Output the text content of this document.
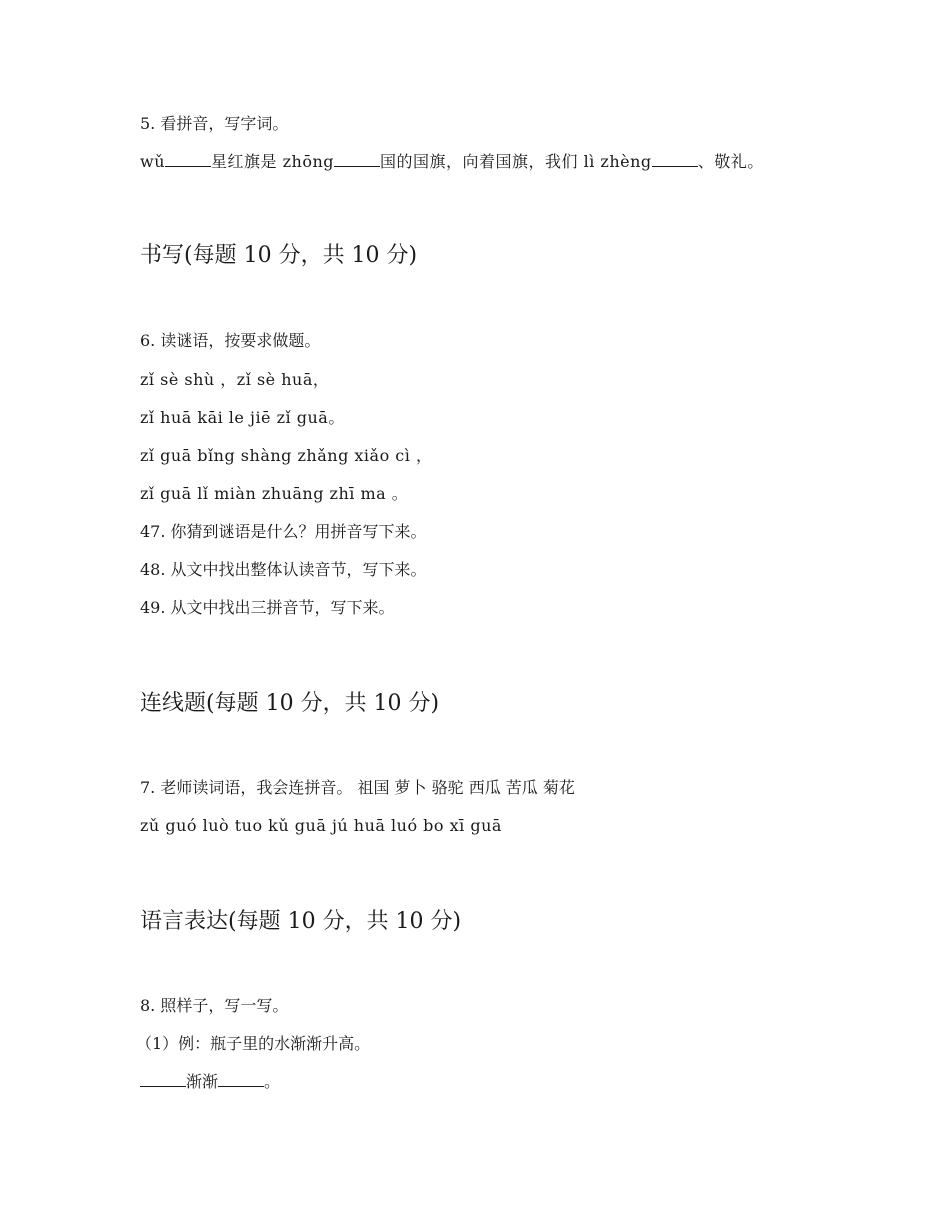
5. 看拼音，写字词。
wǔ	星红旗是 zhōng	国的国旗，向着国旗，我们 lì zhèng	、敬礼。
书写(每题 10 分，共 10 分)
6. 读谜语，按要求做题。
zǐ sè shù ，zǐ sè huā，
zǐ huā kāi le jiē zǐ guā。
zǐ guā bǐng shàng zhǎng xiǎo cì ，
zǐ guā lǐ miàn zhuāng zhī ma 。
47. 你猜到谜语是什么？用拼音写下来。
48. 从文中找出整体认读音节，写下来。
49. 从文中找出三拼音节，写下来。
连线题(每题 10 分，共 10 分)
7. 老师读词语，我会连拼音。 祖国 萝卜 骆驼 西瓜 苦瓜 菊花
zǔ guó luò tuo kǔ guā jú huā luó bo xī guā
语言表达(每题 10 分，共 10 分)
8. 照样子，写一写。
（1）例：瓶子里的水渐渐升高。
渐渐	。
